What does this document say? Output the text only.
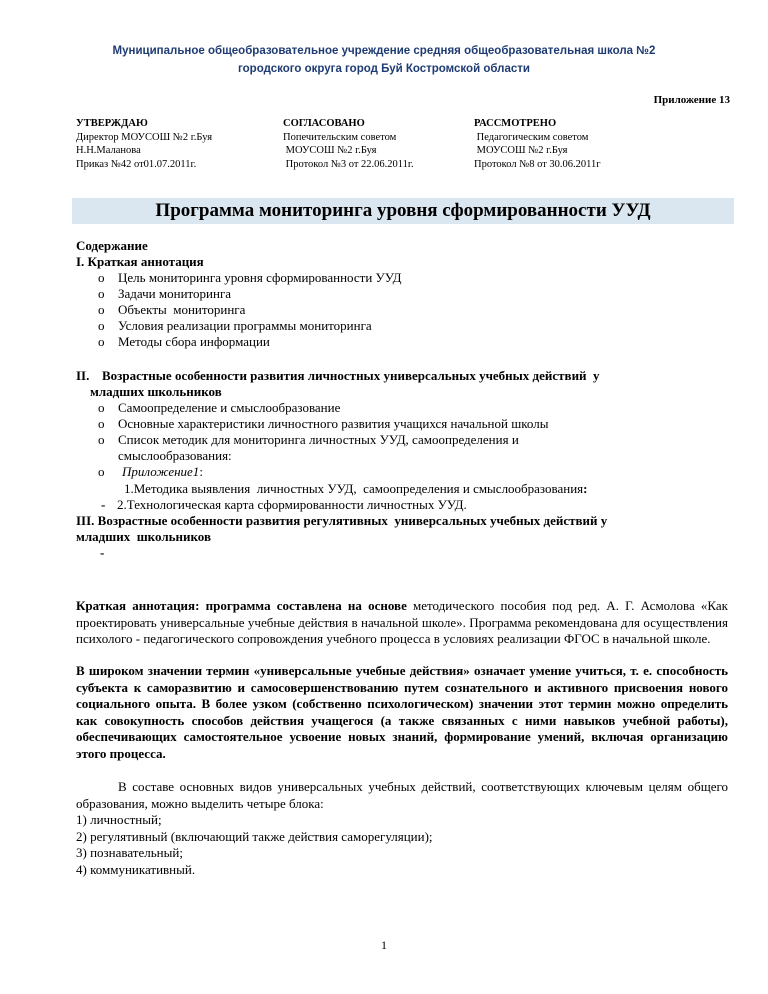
Муниципальное общеобразовательное учреждение средняя общеобразовательная школа №2
городского округа город Буй Костромской области
Приложение 13
УТВЕРЖДАЮ
Директор МОУСОШ №2 г.Буя
Н.Н.Маланова
Приказ №42 от01.07.2011г.
СОГЛАСОВАНО
Попечительским советом
МОУСОШ №2 г.Буя
Протокол №3 от 22.06.2011г.
РАССМОТРЕНО
Педагогическим советом
МОУСОШ №2 г.Буя
Протокол №8 от 30.06.2011г
Программа мониторинга уровня сформированности УУД
Содержание
I. Краткая аннотация
o Цель мониторинга уровня сформированности УУД
o Задачи мониторинга
o Объекты  мониторинга
o Условия реализации программы мониторинга
o Методы сбора информации
II. Возрастные особенности развития личностных универсальных учебных действий  у
младших школьников
o Самоопределение и смыслообразование
o Основные характеристики личностного развития учащихся начальной школы
o Список методик для мониторинга личностных УУД, самоопределения и
смыслообразования:
o Приложение1:
1.Методика выявления  личностных УУД,  самоопределения и смыслообразования:
- 2.Технологическая карта сформированности личностных УУД.
III. Возрастные особенности развития регулятивных  универсальных учебных действий у
младших  школьников
-
Краткая аннотация: программа составлена на основе методического пособия под ред. А. Г. Асмолова «Как проектировать универсальные учебные действия в начальной школе». Программа рекомендована для осуществления психолого - педагогического сопровождения учебного процесса в условиях реализации ФГОС в начальной школе.
В широком значении термин «универсальные учебные действия» означает умение учиться, т. е. способность субъекта к саморазвитию и самосовершенствованию путем сознательного и активного присвоения нового социального опыта. В более узком (собственно психологическом) значении этот термин можно определить как совокупность способов действия учащегося (а также связанных с ними навыков учебной работы), обеспечивающих самостоятельное усвоение новых знаний, формирование умений, включая организацию этого процесса.
В составе основных видов универсальных учебных действий, соответствующих ключевым целям общего образования, можно выделить четыре блока:
1) личностный;
2) регулятивный (включающий также действия саморегуляции);
3) познавательный;
4) коммуникативный.
1
